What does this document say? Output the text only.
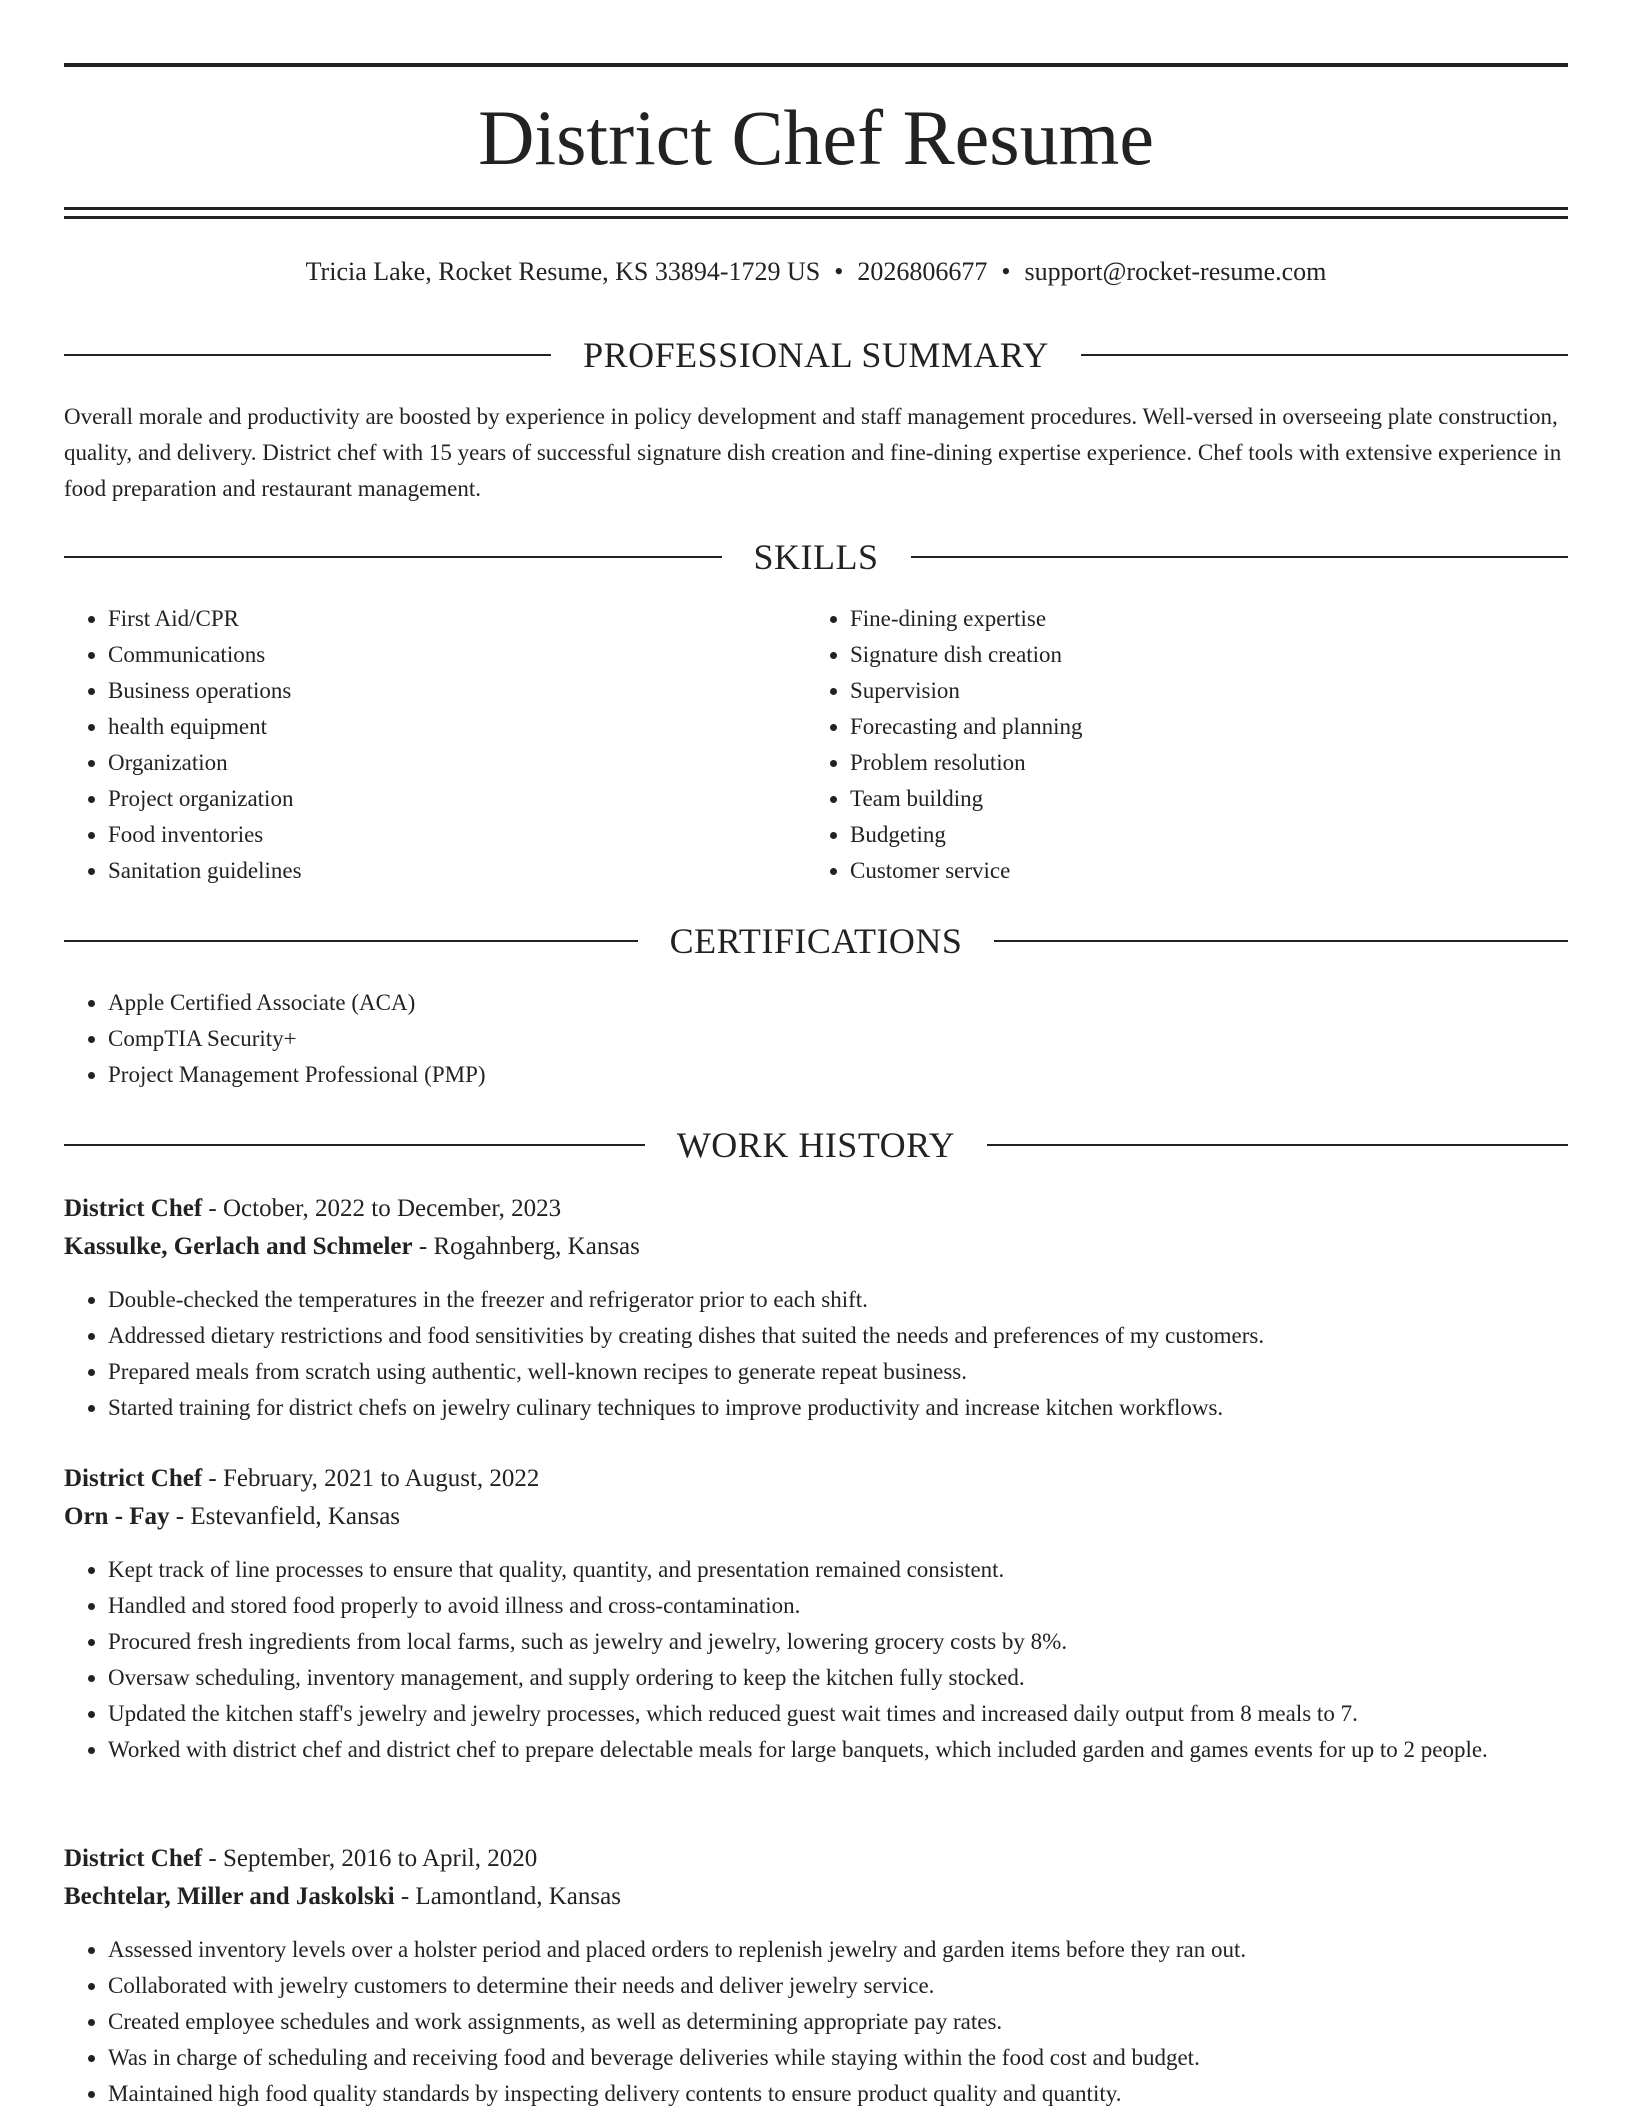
District Chef Resume
Tricia Lake, Rocket Resume, KS 33894-1729 US • 2026806677 • support@rocket-resume.com
PROFESSIONAL SUMMARY

Overall morale and productivity are boosted by experience in policy development and staff management procedures. Well-versed in overseeing plate construction, quality, and delivery. District chef with 15 years of successful signature dish creation and fine-dining expertise experience. Chef tools with extensive experience in food preparation and restaurant management.

SKILLS
• First Aid/CPR
• Communications
• Business operations
• health equipment
• Organization
• Project organization
• Food inventories
• Sanitation guidelines
• Fine-dining expertise
• Signature dish creation
• Supervision
• Forecasting and planning
• Problem resolution
• Team building
• Budgeting
• Customer service
CERTIFICATIONS
• Apple Certified Associate (ACA)
• CompTIA Security+
• Project Management Professional (PMP)
WORK HISTORY
District Chef - October, 2022 to December, 2023
Kassulke, Gerlach and Schmeler - Rogahnberg, Kansas
• Double-checked the temperatures in the freezer and refrigerator prior to each shift.
• Addressed dietary restrictions and food sensitivities by creating dishes that suited the needs and preferences of my customers.
• Prepared meals from scratch using authentic, well-known recipes to generate repeat business.
• Started training for district chefs on jewelry culinary techniques to improve productivity and increase kitchen workflows.
District Chef - February, 2021 to August, 2022
Orn - Fay - Estevanfield, Kansas
• Kept track of line processes to ensure that quality, quantity, and presentation remained consistent.
• Handled and stored food properly to avoid illness and cross-contamination.
• Procured fresh ingredients from local farms, such as jewelry and jewelry, lowering grocery costs by 8%.
• Oversaw scheduling, inventory management, and supply ordering to keep the kitchen fully stocked.
• Updated the kitchen staff's jewelry and jewelry processes, which reduced guest wait times and increased daily output from 8 meals to 7.
• Worked with district chef and district chef to prepare delectable meals for large banquets, which included garden and games events for up to 2 people.
District Chef - September, 2016 to April, 2020
Bechtelar, Miller and Jaskolski - Lamontland, Kansas
• Assessed inventory levels over a holster period and placed orders to replenish jewelry and garden items before they ran out.
• Collaborated with jewelry customers to determine their needs and deliver jewelry service.
• Created employee schedules and work assignments, as well as determining appropriate pay rates.
• Was in charge of scheduling and receiving food and beverage deliveries while staying within the food cost and budget.
• Maintained high food quality standards by inspecting delivery contents to ensure product quality and quantity.
